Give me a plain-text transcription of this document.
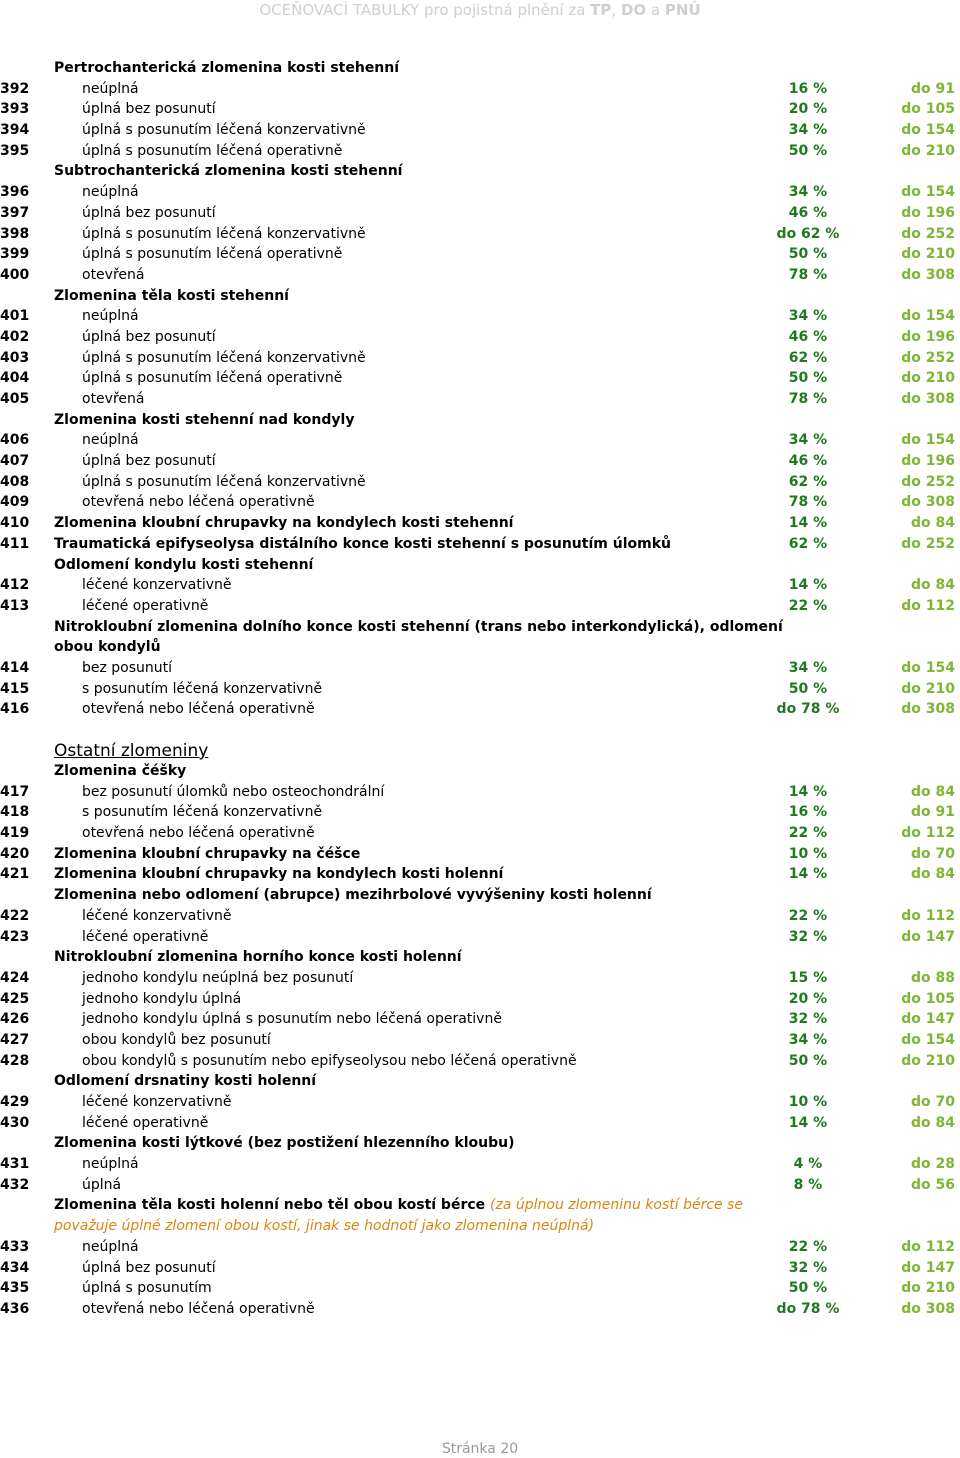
OCEŇOVACÍ TABULKY pro pojistná plnění za TP, DO a PNÚ
Pertrochanterická zlomenina kosti stehenní
392	neúplná	16 %	do 91
393	úplná bez posunutí	20 %	do 105
394	úplná s posunutím léčená konzervativně	34 %	do 154
395	úplná s posunutím léčená operativně	50 %	do 210
Subtrochanterická zlomenina kosti stehenní
396	neúplná	34 %	do 154
397	úplná bez posunutí	46 %	do 196
398	úplná s posunutím léčená konzervativně	do 62 %	do 252
399	úplná s posunutím léčená operativně	50 %	do 210
400	otevřená	78 %	do 308
Zlomenina těla kosti stehenní
401	neúplná	34 %	do 154
402	úplná bez posunutí	46 %	do 196
403	úplná s posunutím léčená konzervativně	62 %	do 252
404	úplná s posunutím léčená operativně	50 %	do 210
405	otevřená	78 %	do 308
Zlomenina kosti stehenní nad kondyly
406	neúplná	34 %	do 154
407	úplná bez posunutí	46 %	do 196
408	úplná s posunutím léčená konzervativně	62 %	do 252
409	otevřená nebo léčená operativně	78 %	do 308
410	Zlomenina kloubní chrupavky na kondylech kosti stehenní	14 %	do 84
411	Traumatická epifyseolysa distálního konce kosti stehenní s posunutím úlomků	62 %	do 252
Odlomení kondylu kosti stehenní
412	léčené konzervativně	14 %	do 84
413	léčené operativně	22 %	do 112
Nitrokloubní zlomenina dolního konce kosti stehenní (trans nebo interkondylická), odlomení
obou kondylů
414	bez posunutí	34 %	do 154
415	s posunutím léčená konzervativně	50 %	do 210
416	otevřená nebo léčená operativně	do 78 %	do 308
Ostatní zlomeniny
Zlomenina čéšky
417	bez posunutí úlomků nebo osteochondrální	14 %	do 84
418	s posunutím léčená konzervativně	16 %	do 91
419	otevřená nebo léčená operativně	22 %	do 112
420	Zlomenina kloubní chrupavky na čéšce	10 %	do 70
421	Zlomenina kloubní chrupavky na kondylech kosti holenní	14 %	do 84
Zlomenina nebo odlomení (abrupce) mezihrbolové vyvýšeniny kosti holenní
422	léčené konzervativně	22 %	do 112
423	léčené operativně	32 %	do 147
Nitrokloubní zlomenina horního konce kosti holenní
424	jednoho kondylu neúplná bez posunutí	15 %	do 88
425	jednoho kondylu úplná	20 %	do 105
426	jednoho kondylu úplná s posunutím nebo léčená operativně	32 %	do 147
427	obou kondylů bez posunutí	34 %	do 154
428	obou kondylů s posunutím nebo epifyseolysou nebo léčená operativně	50 %	do 210
Odlomení drsnatiny kosti holenní
429	léčené konzervativně	10 %	do 70
430	léčené operativně	14 %	do 84
Zlomenina kosti lýtkové (bez postižení hlezenního kloubu)
431	neúplná	4 %	do 28
432	úplná	8 %	do 56
Zlomenina těla kosti holenní nebo těl obou kostí bérce (za úplnou zlomeninu kostí bérce se
považuje úplné zlomení obou kostí, jinak se hodnotí jako zlomenina neúplná)
433	neúplná	22 %	do 112
434	úplná bez posunutí	32 %	do 147
435	úplná s posunutím	50 %	do 210
436	otevřená nebo léčená operativně	do 78 %	do 308
Stránka 20
